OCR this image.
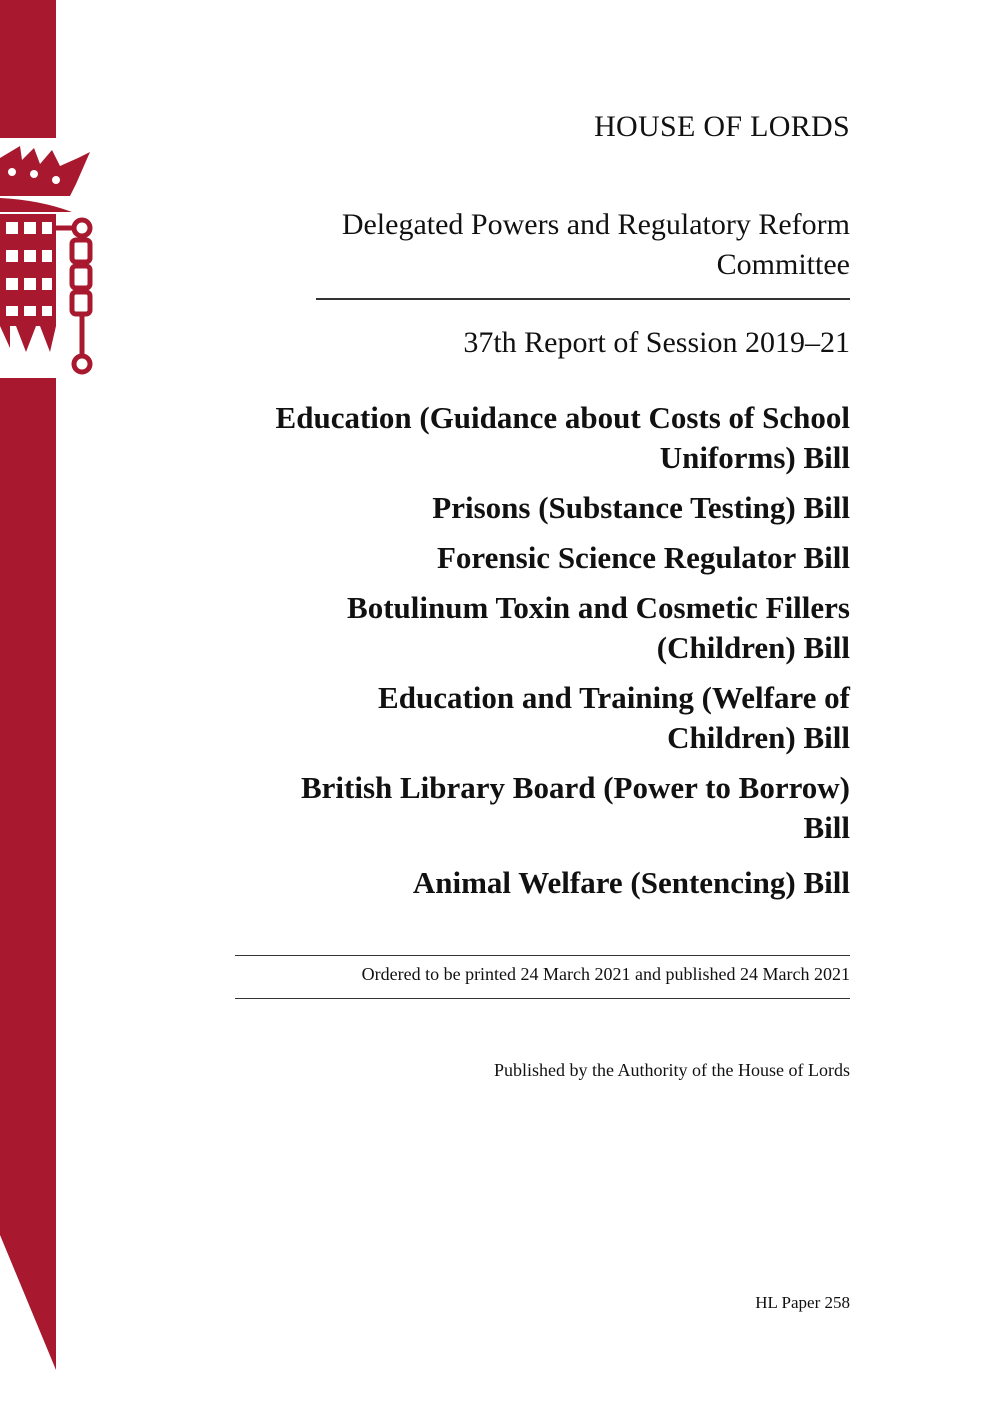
HOUSE OF LORDS
Delegated Powers and Regulatory Reform
Committee
37th Report of Session 2019–21
Education (Guidance about Costs of School
Uniforms) Bill
Prisons (Substance Testing) Bill
Forensic Science Regulator Bill
Botulinum Toxin and Cosmetic Fillers
(Children) Bill
Education and Training (Welfare of
Children) Bill
British Library Board (Power to Borrow)
Bill
Animal Welfare (Sentencing) Bill
Ordered to be printed 24 March 2021 and published 24 March 2021
Published by the Authority of the House of Lords
HL Paper 258
